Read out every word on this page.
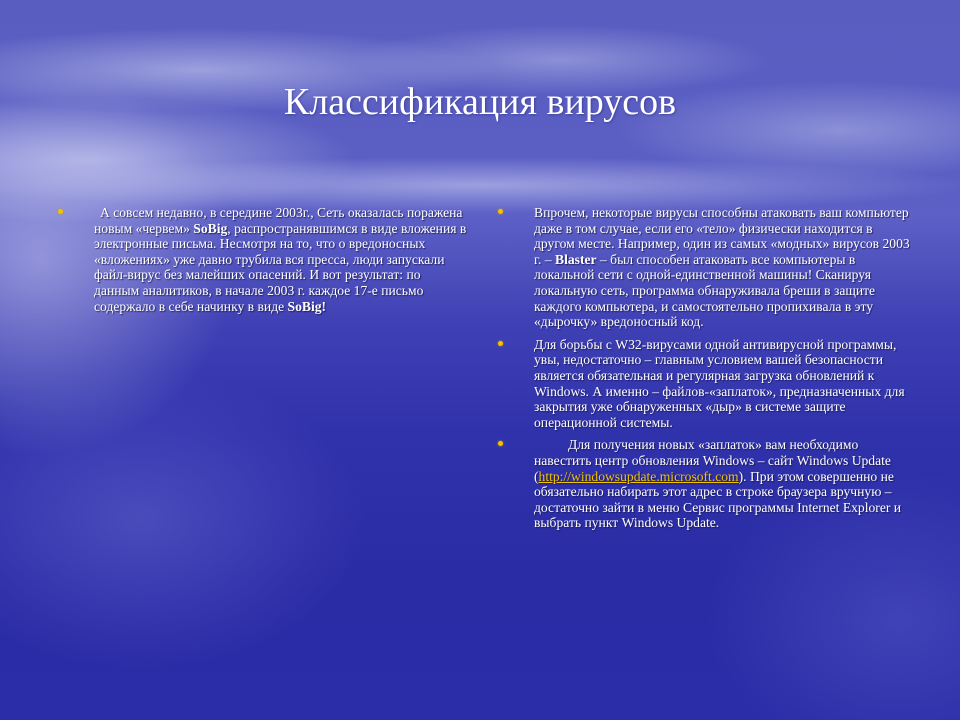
Классификация вирусов
А совсем недавно, в середине 2003г., Сеть оказалась поражена новым «червем» SoBig, распространявшимся в виде вложения в электронные письма. Несмотря на то, что о вредоносных «вложениях» уже давно трубила вся пресса, люди запускали файл-вирус без малейших опасений. И вот результат: по данным аналитиков, в начале 2003 г. каждое 17-е письмо содержало в себе начинку в виде SoBig!
Впрочем, некоторые вирусы способны атаковать ваш компьютер даже в том случае, если его «тело» физически находится в другом месте. Например, один из самых «модных» вирусов 2003 г. – Blaster – был способен атаковать все компьютеры в локальной сети с одной-единственной машины! Сканируя локальную сеть, программа обнаруживала бреши в защите каждого компьютера, и самостоятельно пропихивала в эту «дырочку» вредоносный код.
Для борьбы с W32-вирусами одной антивирусной программы, увы, недостаточно – главным условием вашей безопасности является обязательная и регулярная загрузка обновлений к Windows. А именно – файлов-«заплаток», предназначенных для закрытия уже обнаруженных «дыр» в системе защите операционной системы.
Для получения новых «заплаток» вам необходимо навестить центр обновления Windows – сайт Windows Update (http://windowsupdate.microsoft.com). При этом совершенно не обязательно набирать этот адрес в строке браузера вручную – достаточно зайти в меню Сервис программы Internet Explorer и выбрать пункт Windows Update.
